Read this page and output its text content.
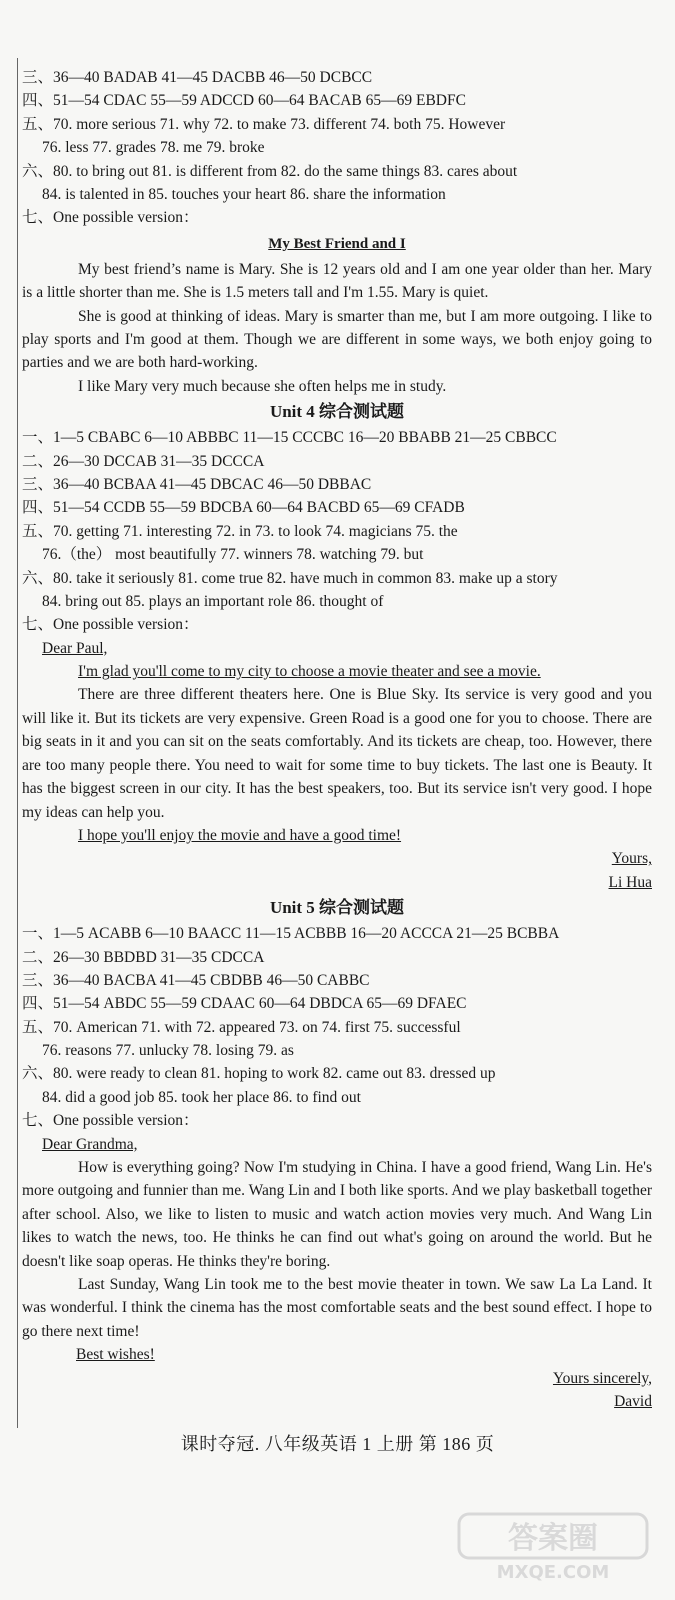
三、36—40 BADAB 41—45 DACBB 46—50 DCBCC
四、51—54 CDAC 55—59 ADCCD 60—64 BACAB 65—69 EBDFC
五、70. more serious 71. why 72. to make 73. different 74. both 75. However
76. less 77. grades 78. me 79. broke
六、80. to bring out 81. is different from 82. do the same things 83. cares about
84. is talented in 85. touches your heart 86. share the information
七、One possible version：
My Best Friend and I

My best friend’s name is Mary. She is 12 years old and I am one year older than her. Mary is a little shorter than me. She is 1.5 meters tall and I'm 1.55. Mary is quiet.

She is good at thinking of ideas. Mary is smarter than me, but I am more outgoing. I like to play sports and I'm good at them. Though we are different in some ways, we both enjoy going to parties and we are both hard-working.

I like Mary very much because she often helps me in study.

Unit 4 综合测试题
一、1—5 CBABC 6—10 ABBBC 11—15 CCCBC 16—20 BBABB 21—25 CBBCC
二、26—30 DCCAB 31—35 DCCCA
三、36—40 BCBAA 41—45 DBCAC 46—50 DBBAC
四、51—54 CCDB 55—59 BDCBA 60—64 BACBD 65—69 CFADB
五、70. getting 71. interesting 72. in 73. to look 74. magicians 75. the
76.（the） most beautifully 77. winners 78. watching 79. but
六、80. take it seriously 81. come true 82. have much in common 83. make up a story
84. bring out 85. plays an important role 86. thought of
七、One possible version：
Dear Paul,

I'm glad you'll come to my city to choose a movie theater and see a movie.

There are three different theaters here. One is Blue Sky. Its service is very good and you will like it. But its tickets are very expensive. Green Road is a good one for you to choose. There are big seats in it and you can sit on the seats comfortably. And its tickets are cheap, too. However, there are too many people there. You need to wait for some time to buy tickets. The last one is Beauty. It has the biggest screen in our city. It has the best speakers, too. But its service isn't very good. I hope my ideas can help you.

I hope you'll enjoy the movie and have a good time!

Yours,
Li Hua
Unit 5 综合测试题
一、1—5 ACABB 6—10 BAACC 11—15 ACBBB 16—20 ACCCA 21—25 BCBBA
二、26—30 BBDBD 31—35 CDCCA
三、36—40 BACBA 41—45 CBDBB 46—50 CABBC
四、51—54 ABDC 55—59 CDAAC 60—64 DBDCA 65—69 DFAEC
五、70. American 71. with 72. appeared 73. on 74. first 75. successful
76. reasons 77. unlucky 78. losing 79. as
六、80. were ready to clean 81. hoping to work 82. came out 83. dressed up
84. did a good job 85. took her place 86. to find out
七、One possible version：
Dear Grandma,

How is everything going? Now I'm studying in China. I have a good friend, Wang Lin. He's more outgoing and funnier than me. Wang Lin and I both like sports. And we play basketball together after school. Also, we like to listen to music and watch action movies very much. And Wang Lin likes to watch the news, too. He thinks he can find out what's going on around the world. But he doesn't like soap operas. He thinks they're boring.

Last Sunday, Wang Lin took me to the best movie theater in town. We saw La La Land. It was wonderful. I think the cinema has the most comfortable seats and the best sound effect. I hope to go there next time!

Best wishes!
Yours sincerely,
David
课时夺冠. 八年级英语 1 上册 第 186 页
答案圈
MXQE.COM
